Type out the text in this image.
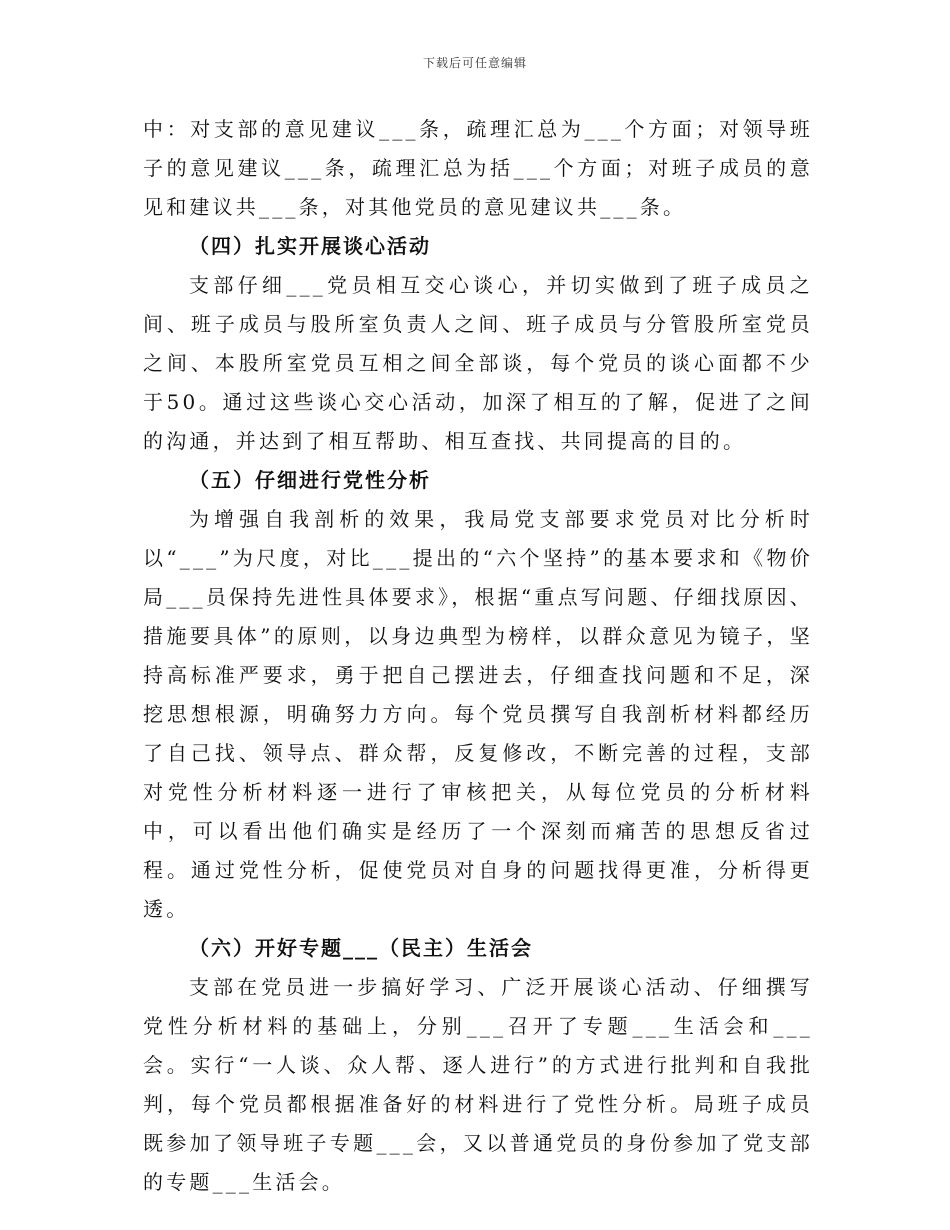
下载后可任意编辑

中：对支部的意见建议___条，疏理汇总为___个方面；对领导班子的意见建议___条，疏理汇总为括___个方面；对班子成员的意见和建议共___条，对其他党员的意见建议共___条。

（四）扎实开展谈心活动

支部仔细___党员相互交心谈心，并切实做到了班子成员之间、班子成员与股所室负责人之间、班子成员与分管股所室党员之间、本股所室党员互相之间全部谈，每个党员的谈心面都不少于50。通过这些谈心交心活动，加深了相互的了解，促进了之间的沟通，并达到了相互帮助、相互查找、共同提高的目的。

（五）仔细进行党性分析

为增强自我剖析的效果，我局党支部要求党员对比分析时以“___”为尺度，对比___提出的“六个坚持”的基本要求和《物价局___员保持先进性具体要求》，根据“重点写问题、仔细找原因、措施要具体”的原则，以身边典型为榜样，以群众意见为镜子，坚持高标准严要求，勇于把自己摆进去，仔细查找问题和不足，深挖思想根源，明确努力方向。每个党员撰写自我剖析材料都经历了自己找、领导点、群众帮，反复修改，不断完善的过程，支部对党性分析材料逐一进行了审核把关，从每位党员的分析材料中，可以看出他们确实是经历了一个深刻而痛苦的思想反省过程。通过党性分析，促使党员对自身的问题找得更准，分析得更透。

（六）开好专题___（民主）生活会

支部在党员进一步搞好学习、广泛开展谈心活动、仔细撰写党性分析材料的基础上，分别___召开了专题___生活会和___会。实行“一人谈、众人帮、逐人进行”的方式进行批判和自我批判，每个党员都根据准备好的材料进行了党性分析。局班子成员既参加了领导班子专题___会，又以普通党员的身份参加了党支部的专题___生活会。
